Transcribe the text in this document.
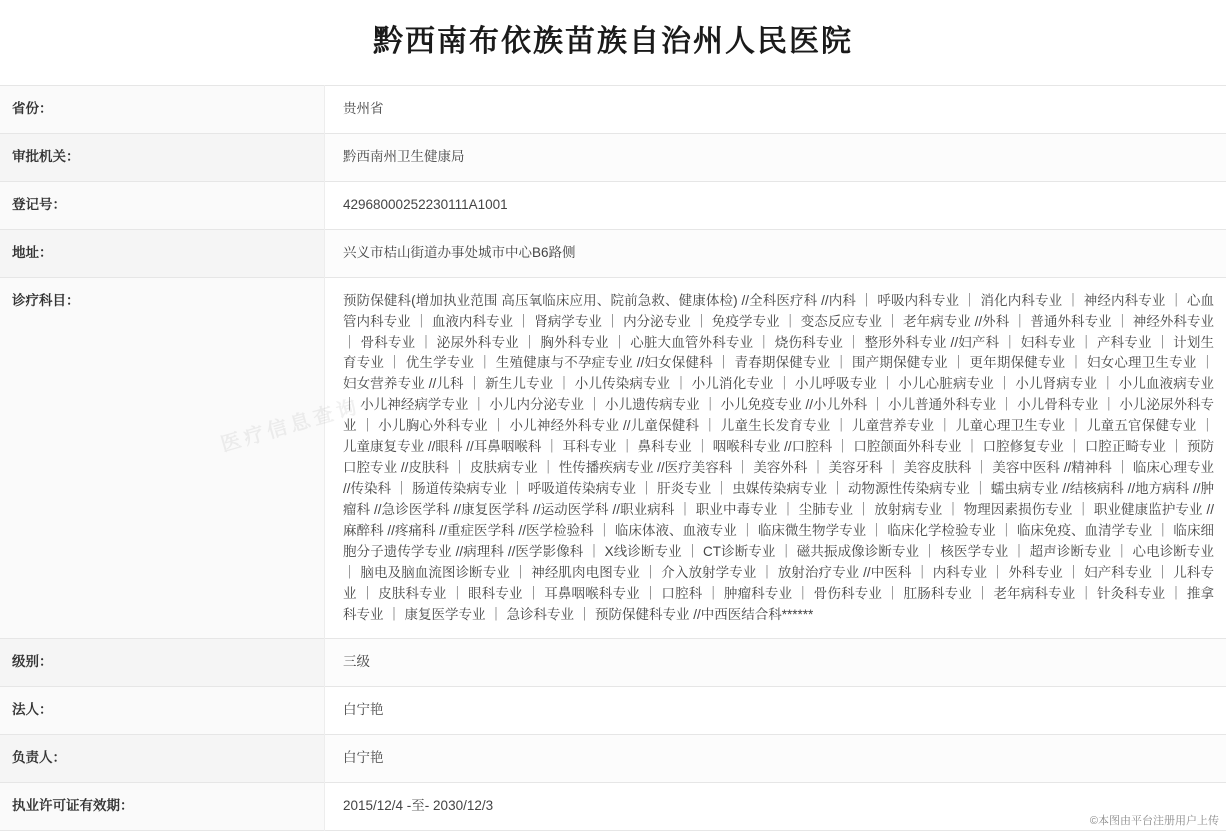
黔西南布依族苗族自治州人民医院
省份：	贵州省
审批机关：	黔西南州卫生健康局
登记号：	42968000252230111A1001
地址：	兴义市桔山街道办事处城市中心B6路侧
诊疗科目：	预防保健科(增加执业范围 高压氧临床应用、院前急救、健康体检) //全科医疗科 //内科 ｜ 呼吸内科专业 ｜ 消化内科专业 ｜ 神经内科专业 ｜ 心血管内科专业 ｜ 血液内科专业 ｜ 肾病学专业 ｜ 内分泌专业 ｜ 免疫学专业 ｜ 变态反应专业 ｜ 老年病专业 //外科 ｜ 普通外科专业 ｜ 神经外科专业 ｜ 骨科专业 ｜ 泌尿外科专业 ｜ 胸外科专业 ｜ 心脏大血管外科专业 ｜ 烧伤科专业 ｜ 整形外科专业 //妇产科 ｜ 妇科专业 ｜ 产科专业 ｜ 计划生育专业 ｜ 优生学专业 ｜ 生殖健康与不孕症专业 //妇女保健科 ｜ 青春期保健专业 ｜ 围产期保健专业 ｜ 更年期保健专业 ｜ 妇女心理卫生专业 ｜ 妇女营养专业 //儿科 ｜ 新生儿专业 ｜ 小儿传染病专业 ｜ 小儿消化专业 ｜ 小儿呼吸专业 ｜ 小儿心脏病专业 ｜ 小儿肾病专业 ｜ 小儿血液病专业 ｜ 小儿神经病学专业 ｜ 小儿内分泌专业 ｜ 小儿遗传病专业 ｜ 小儿免疫专业 //小儿外科 ｜ 小儿普通外科专业 ｜ 小儿骨科专业 ｜ 小儿泌尿外科专业 ｜ 小儿胸心外科专业 ｜ 小儿神经外科专业 //儿童保健科 ｜ 儿童生长发育专业 ｜ 儿童营养专业 ｜ 儿童心理卫生专业 ｜ 儿童五官保健专业 ｜ 儿童康复专业 //眼科 //耳鼻咽喉科 ｜ 耳科专业 ｜ 鼻科专业 ｜ 咽喉科专业 //口腔科 ｜ 口腔颌面外科专业 ｜ 口腔修复专业 ｜ 口腔正畸专业 ｜ 预防口腔专业 //皮肤科 ｜ 皮肤病专业 ｜ 性传播疾病专业 //医疗美容科 ｜ 美容外科 ｜ 美容牙科 ｜ 美容皮肤科 ｜ 美容中医科 //精神科 ｜ 临床心理专业 //传染科 ｜ 肠道传染病专业 ｜ 呼吸道传染病专业 ｜ 肝炎专业 ｜ 虫媒传染病专业 ｜ 动物源性传染病专业 ｜ 蠕虫病专业 //结核病科 //地方病科 //肿瘤科 //急诊医学科 //康复医学科 //运动医学科 //职业病科 ｜ 职业中毒专业 ｜ 尘肺专业 ｜ 放射病专业 ｜ 物理因素损伤专业 ｜ 职业健康监护专业 //麻醉科 //疼痛科 //重症医学科 //医学检验科 ｜ 临床体液、血液专业 ｜ 临床微生物学专业 ｜ 临床化学检验专业 ｜ 临床免疫、血清学专业 ｜ 临床细胞分子遗传学专业 //病理科 //医学影像科 ｜ X线诊断专业 ｜ CT诊断专业 ｜ 磁共振成像诊断专业 ｜ 核医学专业 ｜ 超声诊断专业 ｜ 心电诊断专业 ｜ 脑电及脑血流图诊断专业 ｜ 神经肌肉电图专业 ｜ 介入放射学专业 ｜ 放射治疗专业 //中医科 ｜ 内科专业 ｜ 外科专业 ｜ 妇产科专业 ｜ 儿科专业 ｜ 皮肤科专业 ｜ 眼科专业 ｜ 耳鼻咽喉科专业 ｜ 口腔科 ｜ 肿瘤科专业 ｜ 骨伤科专业 ｜ 肛肠科专业 ｜ 老年病科专业 ｜ 针灸科专业 ｜ 推拿科专业 ｜ 康复医学专业 ｜ 急诊科专业 ｜ 预防保健科专业 //中西医结合科******
级别：	三级
法人：	白宁艳
负责人：	白宁艳
执业许可证有效期：	2015/12/4 -至- 2030/12/3
©本图由平台注册用户上传
